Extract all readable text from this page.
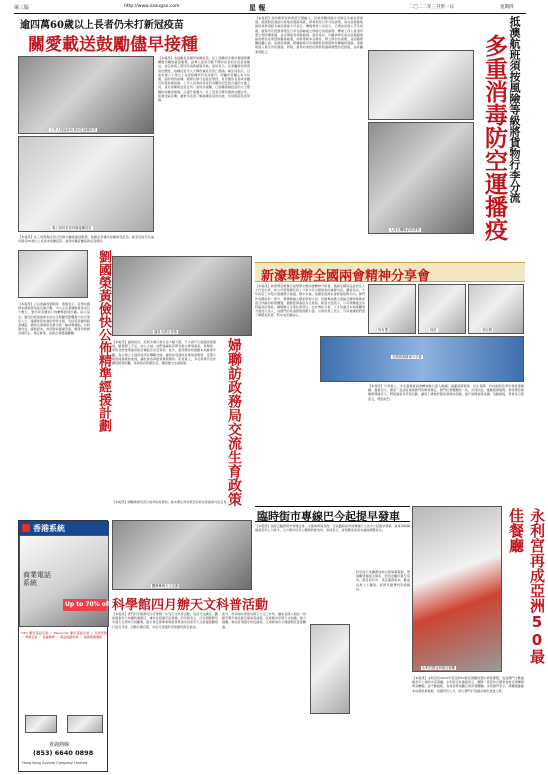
第三版	http://www.szougao.com	星 報	二〇二二年三月卅一日	星期四
逾四萬60歲以上長者仍未打新冠疫苗
關愛載送鼓勵儘早接種
工作人員協助長者前往接種疫苗
義工陪同長者到場接種疫苗
【本報訊】社工局與衛生局合作推出關愛載送服務，鼓勵長者儘早接種新冠疫苗。截至目前仍有逾四萬名60歲以上長者未接種疫苗，當局呼籲家屬協助長者預約。
【本報訊】為鼓勵長者儘早接種疫苗，社工局聯同多個社會服務機構推出關愛載送服務，由專人接送行動不便的長者前往疫苗接種站，並安排義工陪同及協助填寫表格。當局表示，長者屬新冠病毒高危群組，接種疫苗可大大降低重症及死亡風險。衛生局指出，目前本澳六十歲以上長者接種率仍有待提升，呼籲市民關心家中長輩，協助預約接種。服務自即日起接受預約，有需要的長者或家屬可致電熱線查詢。工作人員會按長者的身體狀況安排合適的交通工具，並於接種後送返住所。當局亦提醒，已接種兩劑疫苗的人士應儘快接種加強劑，以提升保護力。社工局表示將持續與社團合作，加強社區宣傳，讓更多長者了解接種疫苗的好處，共同築起免疫屏障。	抵澳航班須按風險等級將貨物行李分流
多重消毒防空運播疫
人員在機場消毒貨物
【本報訊】為防範新冠病毒經空運輸入，民航局聯同衛生局制定多重消毒措施。抵澳航班須按出發地的風險等級，將貨物及行李分流處理，來自高風險地區的貨物須經多重消毒後方可放行。機場專營公司表示，已增加消毒人手及設備，確保所有抵澳貨物及行李在卸載後立即進行消毒處理。機場工作人員須穿著全套防護裝備，並定期接受核酸檢測。當局指出，冷鏈貨物及來自高風險地區的郵包亦會實施嚴格檢測，如發現樣本呈陽性，將立即封存處理，並追蹤相關接觸人員。民航局強調，相關措施可有效降低病毒經物件傳播的風險，保障前線人員及市民健康。同時，當局亦會按疫情發展適時調整防疫措施，並呼籲業界配合。
劉國榮黃儉快公佈精準經援計劃	議員出席記者會
【本報訊】立法會議員劉國榮、黃儉表示，疫情持續對本澳經濟造成沉重打擊，中小企及基層僱員承受巨大壓力，要求政府儘快公佈精準經援計劃。兩人指出，過往的經援措施未能完全照顧受影響最大的行業及人士，建議當局加強針對性支援，包括延長僱員薪金補貼、增加失業援助及推出新一輪消費補貼，以刺激內需。議員認為，政府財政儲備充裕，應善用資源支援民生，穩定就業，協助企業渡過難關。
【本報訊】議員指出，近期多個行業生意大幅下跌，不少商戶已面臨結業困境，僱員開工不足，收入大減。他們建議政府研究推出專項基金，為旅遊、零售及飲食業提供租金補貼及免息貸款。此外，當局應加快推動本地就業計劃，為失業人士提供培訓及轉職支援。議員亦促請政府增加透明度，定期公佈經援措施的成效，讓社會各界監察資源運用。記者會上，多名業界代表亦講述經營困難，希望政府聆聽民意，儘快推出支援措施。	婦聯訪政務局交流生育政策
新濠舉辦全國兩會精神分享會
馬有禮	陸波	吳培娟
全國兩會精神分享會
【本報訊】新濠博亞娛樂日前舉辦全國兩會精神分享會，邀請全國政協委員及人大代表出席，向公司管理層及員工分享今年全國兩會的重要內容。講者指出，今年政府工作報告強調穩字當頭、穩中求進，為國家經濟社會發展指明方向。澳門作為國家的一部分，應積極融入國家發展大局，把握粵港澳大灣區及橫琴粵澳深度合作區的發展機遇，推動經濟適度多元發展。新濠方面表示，公司將繼續支持特區政府施政，積極履行企業社會責任，在非博彩元素、人才培養及本地採購等方面加大投入，為澳門的長遠發展貢獻力量。出席的員工表示，分享會讓他們更了解國家政策，對未來充滿信心。
【本報訊】分享會上，多名嘉賓就兩會精神進行深入解讀，涵蓋經濟發展、民生保障、科技創新及青年發展等範疇。嘉賓表示，國家一直高度重視澳門的繁榮穩定，澳門社會應團結一致，共同抗疫，推動經濟復甦。新濠博亞娛樂管理層表示，將組織更多學習活動，讓員工增進對國家發展的認識，提升愛國愛澳意識。活動最後，與會者合照留念，場面熱烈。
【本報訊】婦聯總會代表日前拜訪政務局，就本澳生育政策及家庭友善措施交流意見。
臨時街市專線巴今起提早發車
【本報訊】為配合臨時街市營運安排，交通事務局宣佈，往返臨時街市的專線巴士由今日起提早發車，首班車時間提前至早上六時半，以方便市民早上購買新鮮食材。當局表示，會因應乘客需求適時調整班次。
觀眾參與天文活動
科學館四月辦天文科普活動
【本報訊】澳門科學館將於四月舉辦一系列天文科普活動，包括天文講座、觀星晚會及天象廳特備節目，讓市民認識宇宙奧秘。科學館表示，四月期間將有多個天文現象可供觀測，館方會安排專業導賞員帶領市民使用天文望遠鏡觀察行星及月球。活動名額有限，市民可透過科學館網頁報名參加。
此外，科學館亦會推出親子天文工作坊，讓家長與小朋友一同動手製作星座盤及簡易望遠鏡，在遊戲中學習天文知識。館方提醒，參加者須遵守防疫措施，入場時須出示健康碼及量度體溫。
科學館天象廳將放映全新球幕電影，帶領觀眾遨遊太陽系，欣賞壯觀的星空景象。節目設有中、英及葡語版本，歡迎各界人士觀賞。詳情可瀏覽科學館網站。	永利宮再成亞洲50最佳餐廳
永利宮獲亞洲最佳餐廳
【本報訊】永利宮於2022年度亞洲50最佳餐廳評選中再度獲選，成為澳門少數連續多年上榜的中菜餐廳。永利宮行政總廚表示，團隊一直堅持以優質食材呈現傳統粵菜精髓，並不斷創新，為食客帶來難忘的用餐體驗。永利澳門表示，將繼續推動本地餐飲業發展，培養烹飪人才，助力澳門打造創意城市美食之都。
香港系統
商業電話系統
Up to 70% off
NEC 數位電話系統 ／ Panasonic 數位電話系統 ／ 多款型號 ／ 專業安裝 ／ 保養維修 ／ 電話線路申請 ／ 查詢優惠價格
查詢熱線
(853) 6640 0898
Hong Kong System Company Limited
